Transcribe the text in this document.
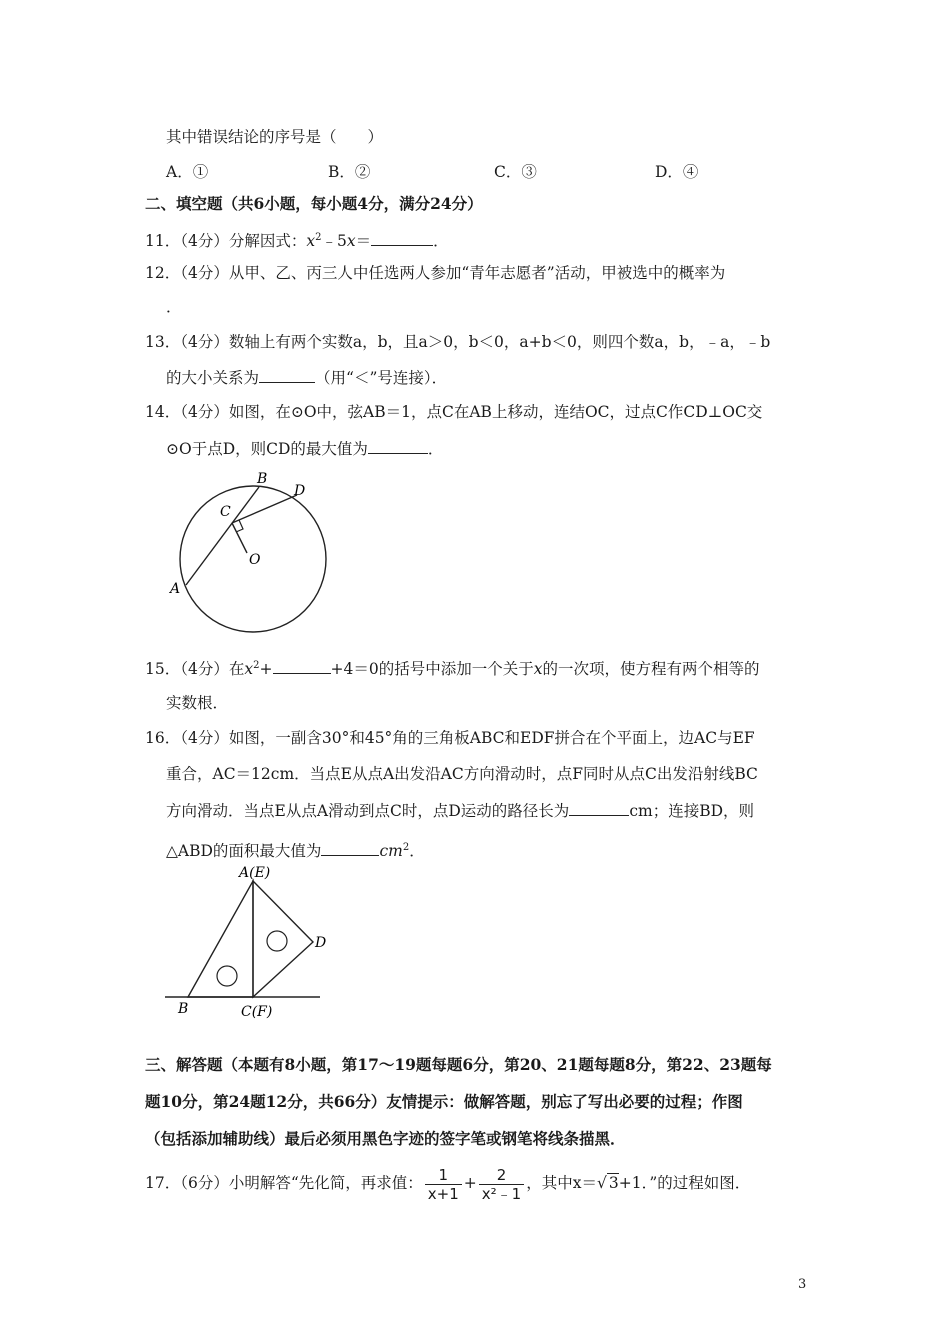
其中错误结论的序号是（　　）
A．①	B．②	C．③	D．④
二、填空题（共6小题，每小题4分，满分24分）
11．（4分）分解因式：$x^2﹣5x=$	．
12．（4分）从甲、乙、丙三人中任选两人参加“青年志愿者”活动，甲被选中的概率为
．
13．（4分）数轴上有两个实数a，b，且a＞0，b＜0，a+b＜0，则四个数a，b，﹣a，﹣b
的大小关系为	（用“＜”号连接）．
14．（4分）如图，在⊙O中，弦AB＝1，点C在AB上移动，连结OC，过点C作CD⊥OC交
⊙O于点D，则CD的最大值为	．
B
D
C
O
A
15．（4分）在$x^2+$	+4＝0的括号中添加一个关于x的一次项，使方程有两个相等的
实数根．
16．（4分）如图，一副含30°和45°角的三角板ABC和EDF拼合在个平面上，边AC与EF
重合，AC＝12cm．当点E从点A出发沿AC方向滑动时，点F同时从点C出发沿射线BC
方向滑动．当点E从点A滑动到点C时，点D运动的路径长为	cm；连接BD，则
△ABD的面积最大值为	$cm^2$．
A(E)
D
B	C(F)
三、解答题（本题有8小题，第17～19题每题6分，第20、21题每题8分，第22、23题每
题10分，第24题12分，共66分）友情提示：做解答题，别忘了写出必要的过程；作图
（包括添加辅助线）最后必须用黑色字迹的签字笔或钢笔将线条描黑．
17．（6分）小明解答“先化简，再求值： $\frac{1}{x+1} + \frac{2}{\text{x²﹣1}}$ ，其中x＝√ 3+1．”的过程如图．
3
